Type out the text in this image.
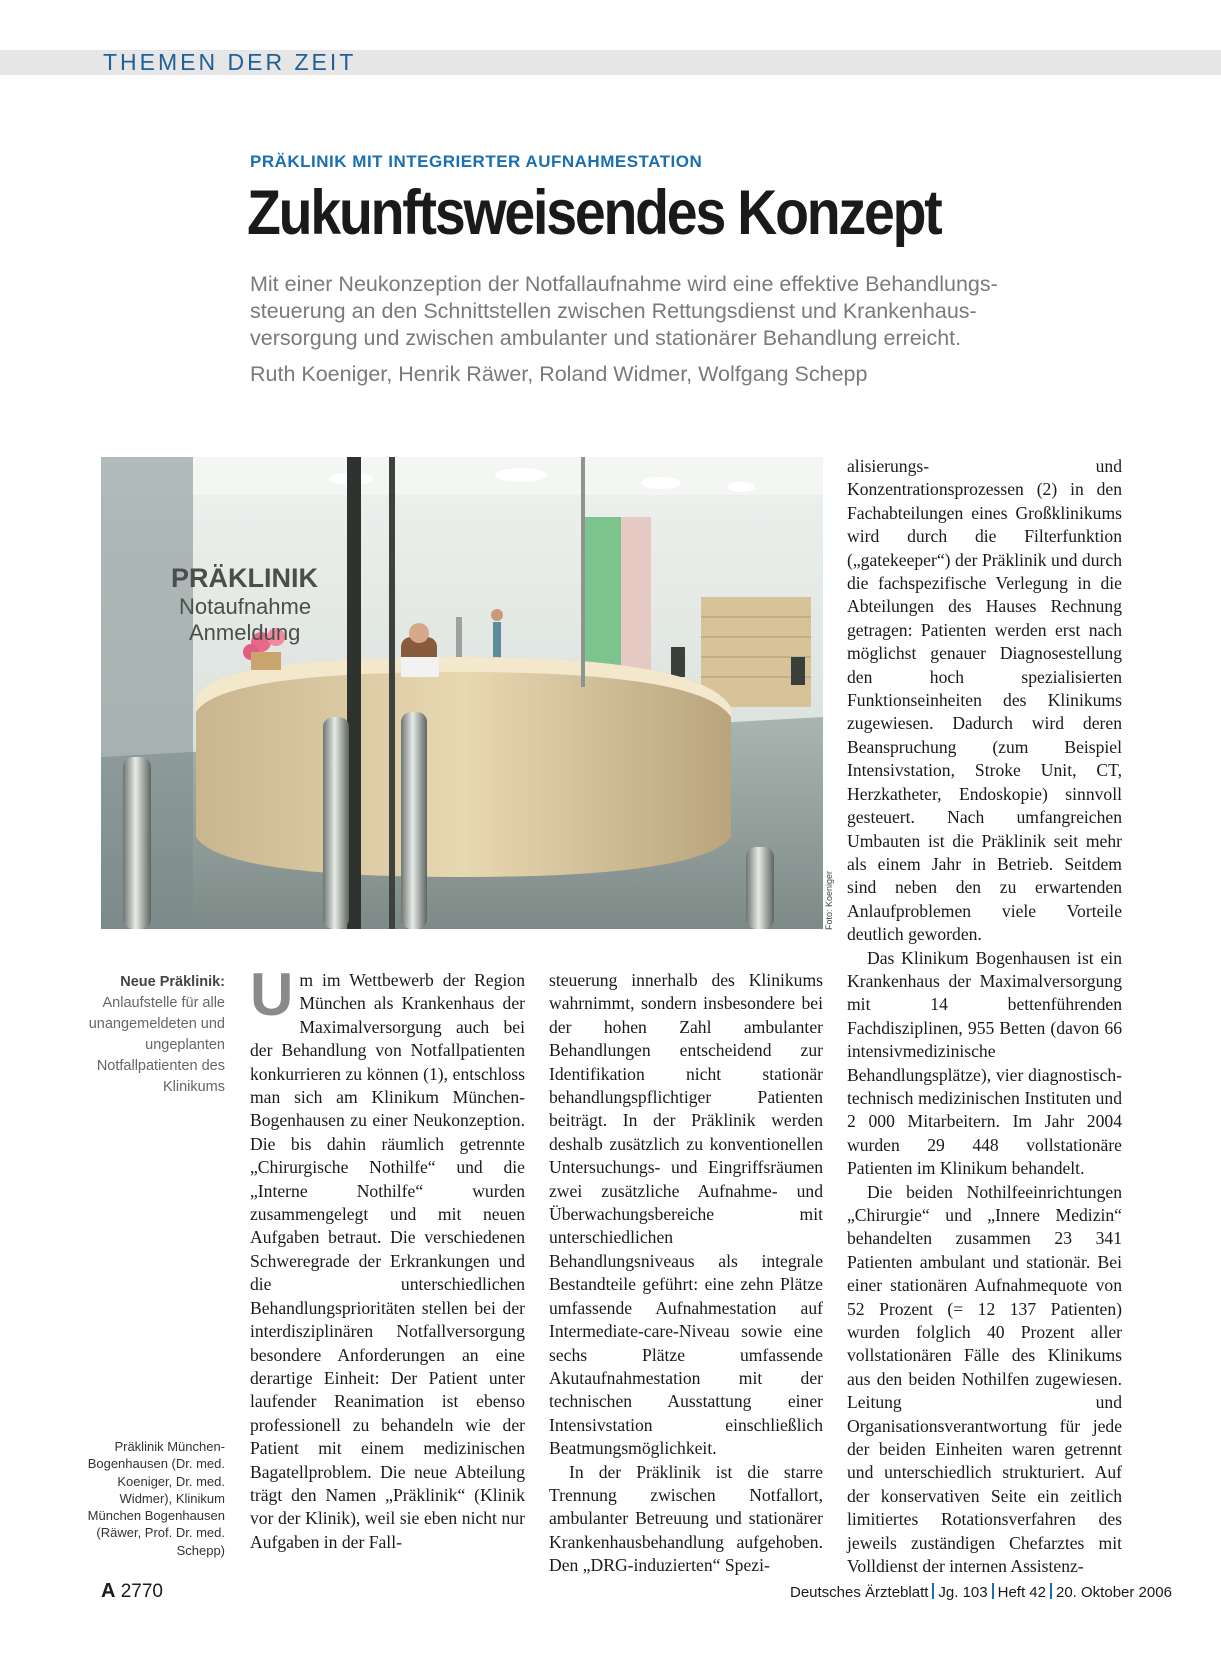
THEMEN DER ZEIT
PRÄKLINIK MIT INTEGRIERTER AUFNAHMESTATION
Zukunftsweisendes Konzept
Mit einer Neukonzeption der Notfallaufnahme wird eine effektive Behandlungs-steuerung an den Schnittstellen zwischen Rettungsdienst und Krankenhaus-versorgung und zwischen ambulanter und stationärer Behandlung erreicht.
Ruth Koeniger, Henrik Räwer, Roland Widmer, Wolfgang Schepp
PRÄKLINIK
Notaufnahme
Anmeldung
Foto: Koeniger
Neue Präklinik:
Anlaufstelle für alle unangemeldeten und ungeplanten Notfallpatienten des Klinikums
Präklinik München-Bogenhausen (Dr. med. Koeniger, Dr. med. Widmer), Klinikum München Bogenhausen (Räwer, Prof. Dr. med. Schepp)
U m im Wettbewerb der Region München als Krankenhaus der Maximalversorgung auch bei der Behandlung von Notfallpatienten konkurrieren zu können (1), entschloss man sich am Klinikum München-Bogenhausen zu einer Neukonzeption. Die bis dahin räumlich getrennte „Chirurgische Nothilfe“ und die „Interne Nothilfe“ wurden zusammengelegt und mit neuen Aufgaben betraut. Die verschiedenen Schweregrade der Erkrankungen und die unterschiedlichen Behandlungsprioritäten stellen bei der interdisziplinären Notfallversorgung besondere Anforderungen an eine derartige Einheit: Der Patient unter laufender Reanimation ist ebenso professionell zu behandeln wie der Patient mit einem medizinischen Bagatellproblem. Die neue Abteilung trägt den Namen „Präklinik“ (Klinik vor der Klinik), weil sie eben nicht nur Aufgaben in der Fall-

steuerung innerhalb des Klinikums wahrnimmt, sondern insbesondere bei der hohen Zahl ambulanter Behandlungen entscheidend zur Identifikation nicht stationär behandlungspflichtiger Patienten beiträgt. In der Präklinik werden deshalb zusätzlich zu konventionellen Untersuchungs- und Eingriffsräumen zwei zusätzliche Aufnahme- und Überwachungsbereiche mit unterschiedlichen Behandlungsniveaus als integrale Bestandteile geführt: eine zehn Plätze umfassende Aufnahmestation auf Intermediate-care-Niveau sowie eine sechs Plätze umfassende Akutaufnahmestation mit der technischen Ausstattung einer Intensivstation einschließlich Beatmungsmöglichkeit.

In der Präklinik ist die starre Trennung zwischen Notfallort, ambulanter Betreuung und stationärer Krankenhausbehandlung aufgehoben. Den „DRG-induzierten“ Spezi-

alisierungs- und Konzentrationsprozessen (2) in den Fachabteilungen eines Großklinikums wird durch die Filterfunktion („gatekeeper“) der Präklinik und durch die fachspezifische Verlegung in die Abteilungen des Hauses Rechnung getragen: Patienten werden erst nach möglichst genauer Diagnosestellung den hoch spezialisierten Funktionseinheiten des Klinikums zugewiesen. Dadurch wird deren Beanspruchung (zum Beispiel Intensivstation, Stroke Unit, CT, Herzkatheter, Endoskopie) sinnvoll gesteuert. Nach umfangreichen Umbauten ist die Präklinik seit mehr als einem Jahr in Betrieb. Seitdem sind neben den zu erwartenden Anlaufproblemen viele Vorteile deutlich geworden.

Das Klinikum Bogenhausen ist ein Krankenhaus der Maximalversorgung mit 14 bettenführenden Fachdisziplinen, 955 Betten (davon 66 intensivmedizinische Behandlungsplätze), vier diagnostisch-technisch medizinischen Instituten und 2 000 Mitarbeitern. Im Jahr 2004 wurden 29 448 vollstationäre Patienten im Klinikum behandelt.

Die beiden Nothilfeeinrichtungen „Chirurgie“ und „Innere Medizin“ behandelten zusammen 23 341 Patienten ambulant und stationär. Bei einer stationären Aufnahmequote von 52 Prozent (= 12 137 Patienten) wurden folglich 40 Prozent aller vollstationären Fälle des Klinikums aus den beiden Nothilfen zugewiesen. Leitung und Organisationsverantwortung für jede der beiden Einheiten waren getrennt und unterschiedlich strukturiert. Auf der konservativen Seite ein zeitlich limitiertes Rotationsverfahren des jeweils zuständigen Chefarztes mit Volldienst der internen Assistenz-

A 2770	Deutsches Ärzteblatt Jg. 103 Heft 42 20. Oktober 2006
